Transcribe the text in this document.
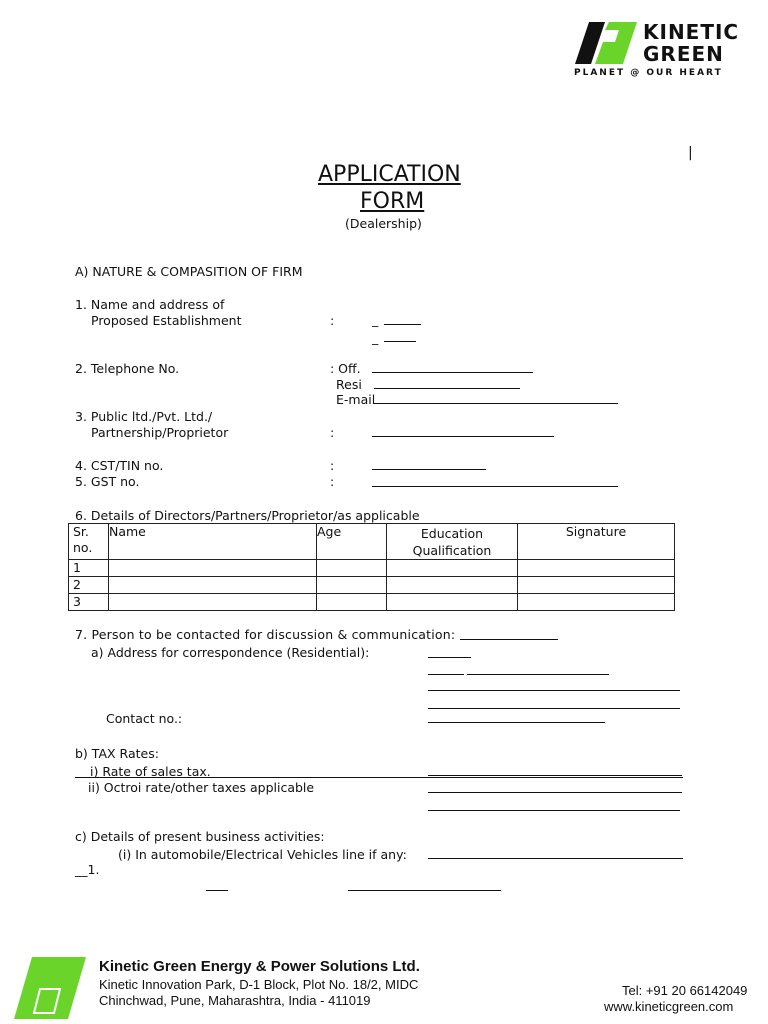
KINETIC
GREEN
PLANET @ OUR HEART
|
APPLICATION
FORM
(Dealership)
A) NATURE & COMPASITION OF FIRM
1. Name and address of
Proposed Establishment	:	_
_
2. Telephone No.	: Off.
Resi
E-mail
3. Public ltd./Pvt. Ltd./
Partnership/Proprietor	:
4. CST/TIN no.	:
5. GST no.	:
6. Details of Directors/Partners/Proprietor/as applicable
Sr. no.	Name	Age	Education Qualification	Signature
1				
2				
3				
7. Person to be contacted for discussion & communication:
a) Address for correspondence (Residential):
Contact no.:
b) TAX Rates:
i) Rate of sales tax.
ii) Octroi rate/other taxes applicable
c) Details of present business activities:
(i) In automobile/Electrical Vehicles line if any:
__1.
Kinetic Green Energy & Power Solutions Ltd.
Kinetic Innovation Park, D-1 Block, Plot No. 18/2, MIDC
Chinchwad, Pune, Maharashtra, India - 411019
Tel: +91 20 66142049
www.kineticgreen.com
